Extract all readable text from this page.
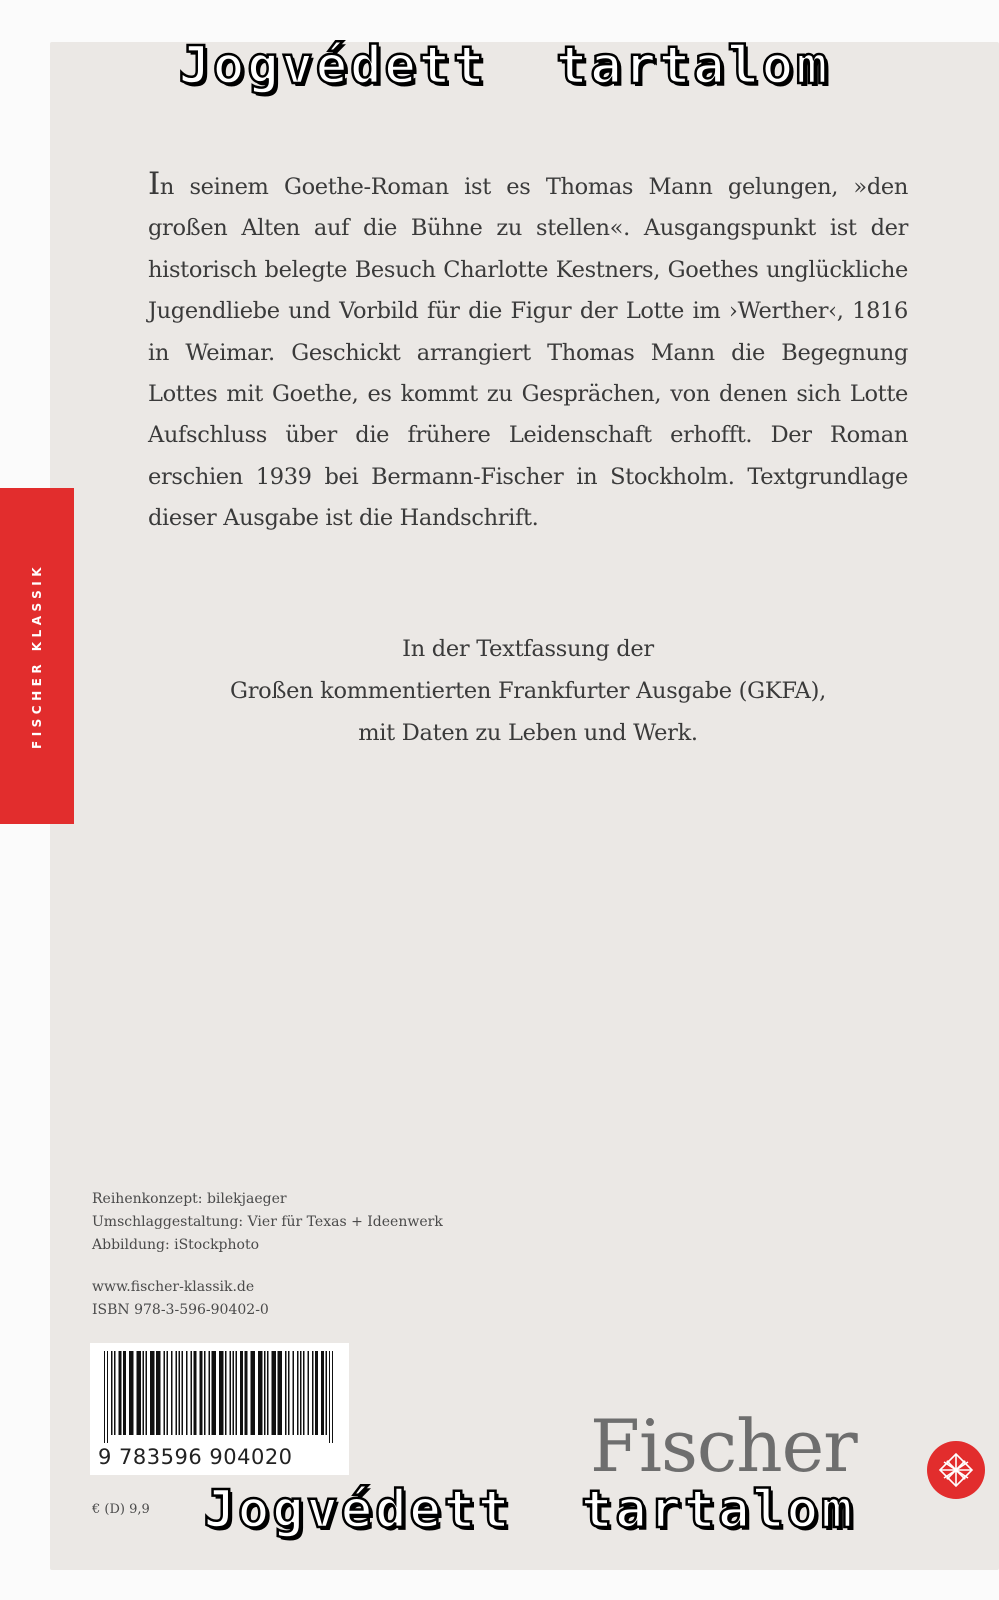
FISCHER KLASSIK

In seinem Goethe-Roman ist es Thomas Mann gelungen, »den großen Alten auf die Bühne zu stellen«. Ausgangspunkt ist der historisch belegte Besuch Charlotte Kestners, Goethes unglückliche Jugendliebe und Vorbild für die Figur der Lotte im ›Werther‹, 1816 in Weimar. Geschickt arrangiert Thomas Mann die Begegnung Lottes mit Goethe, es kommt zu Gesprächen, von denen sich Lotte Aufschluss über die frühere Leidenschaft erhofft. Der Roman erschien 1939 bei Bermann-Fischer in Stockholm. Textgrundlage dieser Ausgabe ist die Handschrift.

In der Textfassung der
Großen kommentierten Frankfurter Ausgabe (GKFA),
mit Daten zu Leben und Werk.
Reihenkonzept: bilekjaeger
Umschlaggestaltung: Vier für Texas + Ideenwerk
Abbildung: iStockphoto
www.fischer-klassik.de
ISBN 978-3-596-90402-0
9 783596 904020
€ (D) 9,9
Fischer
Jogvédett  tartalom
Jogvédett  tartalom
